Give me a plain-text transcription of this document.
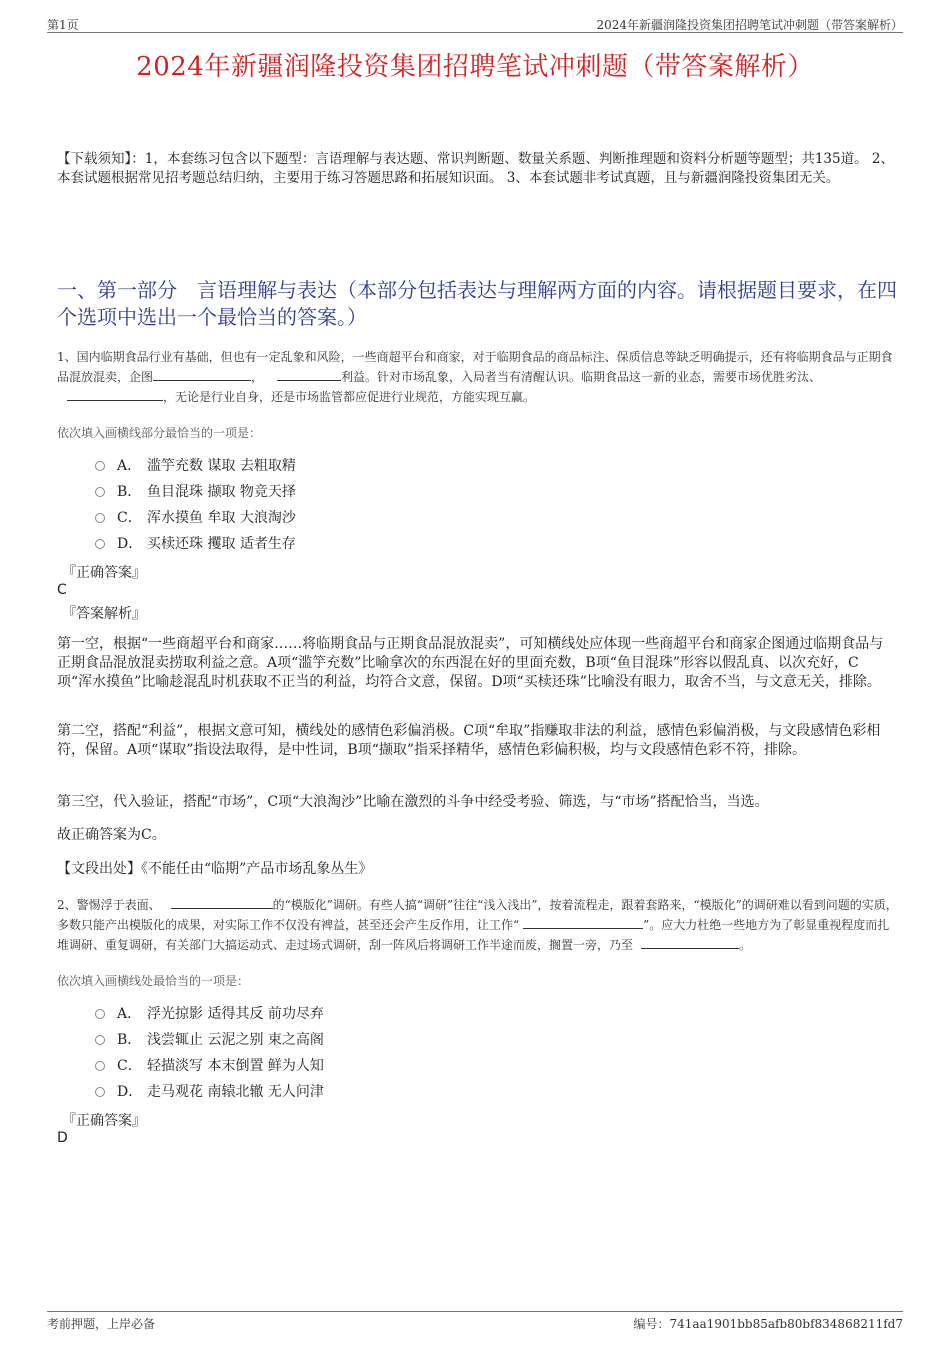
第1页	2024年新疆润隆投资集团招聘笔试冲刺题（带答案解析）
2024年新疆润隆投资集团招聘笔试冲刺题（带答案解析）
【下载须知】：1，本套练习包含以下题型：言语理解与表达题、常识判断题、数量关系题、判断推理题和资料分析题等题型；共135道。 2、本套试题根据常见招考题总结归纳，主要用于练习答题思路和拓展知识面。 3、本套试题非考试真题，且与新疆润隆投资集团无关。
一、第一部分　言语理解与表达（本部分包括表达与理解两方面的内容。请根据题目要求，在四个选项中选出一个最恰当的答案。）
1、国内临期食品行业有基础，但也有一定乱象和风险，一些商超平台和商家，对于临期食品的商品标注、保质信息等缺乏明确提示，还有将临期食品与正期食品混放混卖，企图	，	利益。针对市场乱象，入局者当有清醒认识。临期食品这一新的业态，需要市场优胜劣汰、，无论是行业自身，还是市场监管都应促进行业规范，方能实现互赢。
依次填入画横线部分最恰当的一项是：
A． 滥竽充数 谋取 去粗取精
B． 鱼目混珠 撷取 物竞天择
C． 浑水摸鱼 牟取 大浪淘沙
D． 买椟还珠 攫取 适者生存
『正确答案』
C
『答案解析』
第一空，根据“一些商超平台和商家……将临期食品与正期食品混放混卖”，可知横线处应体现一些商超平台和商家企图通过临期食品与正期食品混放混卖捞取利益之意。A项“滥竽充数”比喻拿次的东西混在好的里面充数，B项“鱼目混珠”形容以假乱真、以次充好，C项“浑水摸鱼”比喻趁混乱时机获取不正当的利益，均符合文意，保留。D项“买椟还珠”比喻没有眼力，取舍不当，与文意无关，排除。
第二空，搭配“利益”，根据文意可知，横线处的感情色彩偏消极。C项“牟取”指赚取非法的利益，感情色彩偏消极，与文段感情色彩相符，保留。A项“谋取”指设法取得，是中性词，B项“撷取”指采择精华，感情色彩偏积极，均与文段感情色彩不符，排除。
第三空，代入验证，搭配“市场”，C项“大浪淘沙”比喻在激烈的斗争中经受考验、筛选，与“市场”搭配恰当，当选。
故正确答案为C。
【文段出处】《不能任由“临期”产品市场乱象丛生》
2、警惕浮于表面、	的“模版化”调研。有些人搞“调研”往往“浅入浅出”，按着流程走，跟着套路来，“模版化”的调研难以看到问题的实质，多数只能产出模版化的成果，对实际工作不仅没有裨益，甚至还会产生反作用，让工作“	”。应大力杜绝一些地方为了彰显重视程度而扎堆调研、重复调研，有关部门大搞运动式、走过场式调研，刮一阵风后将调研工作半途而废，搁置一旁，乃至	。
依次填入画横线处最恰当的一项是：
A． 浮光掠影 适得其反 前功尽弃
B． 浅尝辄止 云泥之别 束之高阁
C． 轻描淡写 本末倒置 鲜为人知
D． 走马观花 南辕北辙 无人问津
『正确答案』
D
考前押题，上岸必备	编号：741aa1901bb85afb80bf834868211fd7
